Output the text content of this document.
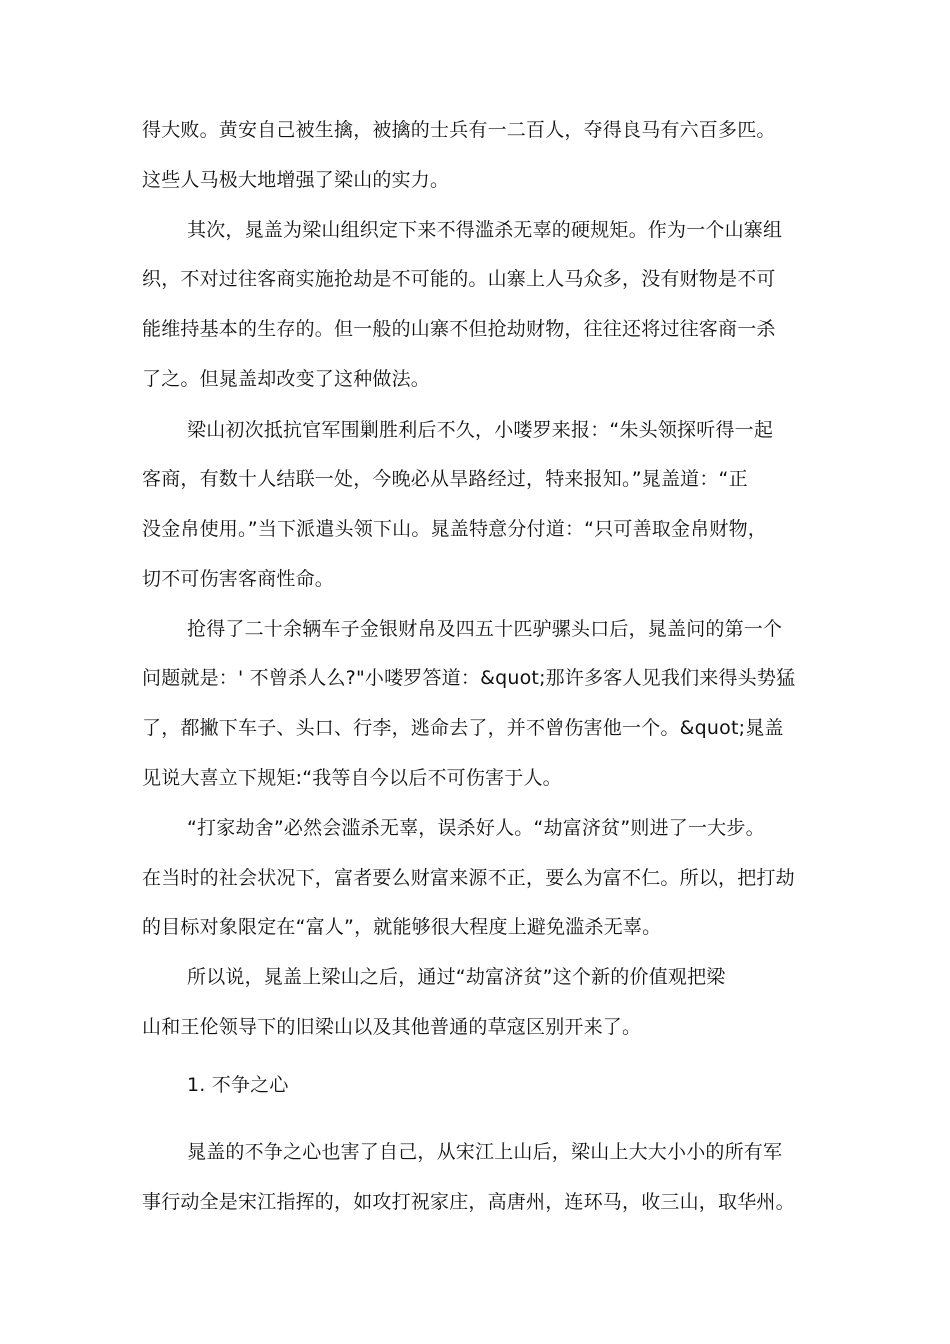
得大败。黄安自己被生擒，被擒的士兵有一二百人，夺得良马有六百多匹。
这些人马极大地增强了梁山的实力。
其次，晁盖为梁山组织定下来不得滥杀无辜的硬规矩。作为一个山寨组
织，不对过往客商实施抢劫是不可能的。山寨上人马众多，没有财物是不可
能维持基本的生存的。但一般的山寨不但抢劫财物，往往还将过往客商一杀
了之。但晁盖却改变了这种做法。
梁山初次抵抗官军围剿胜利后不久，小喽罗来报：“朱头领探听得一起
客商，有数十人结联一处，今晚必从旱路经过，特来报知。”晁盖道：“正
没金帛使用。”当下派遣头领下山。晁盖特意分付道：“只可善取金帛财物，
切不可伤害客商性命。
抢得了二十余辆车子金银财帛及四五十匹驴骡头口后，晁盖问的第一个
问题就是：' 不曾杀人么?"小喽罗答道：&quot;那许多客人见我们来得头势猛
了，都撇下车子、头口、行李，逃命去了，并不曾伤害他一个。&quot;晁盖
见说大喜立下规矩:“我等自今以后不可伤害于人。
“打家劫舍”必然会滥杀无辜，误杀好人。“劫富济贫”则进了一大步。
在当时的社会状况下，富者要么财富来源不正，要么为富不仁。所以，把打劫
的目标对象限定在“富人”，就能够很大程度上避免滥杀无辜。
所以说，晁盖上梁山之后，通过“劫富济贫”这个新的价值观把梁
山和王伦领导下的旧梁山以及其他普通的草寇区别开来了。
1. 不争之心
晁盖的不争之心也害了自己，从宋江上山后，梁山上大大小小的所有军
事行动全是宋江指挥的，如攻打祝家庄，高唐州，连环马，收三山，取华州。
